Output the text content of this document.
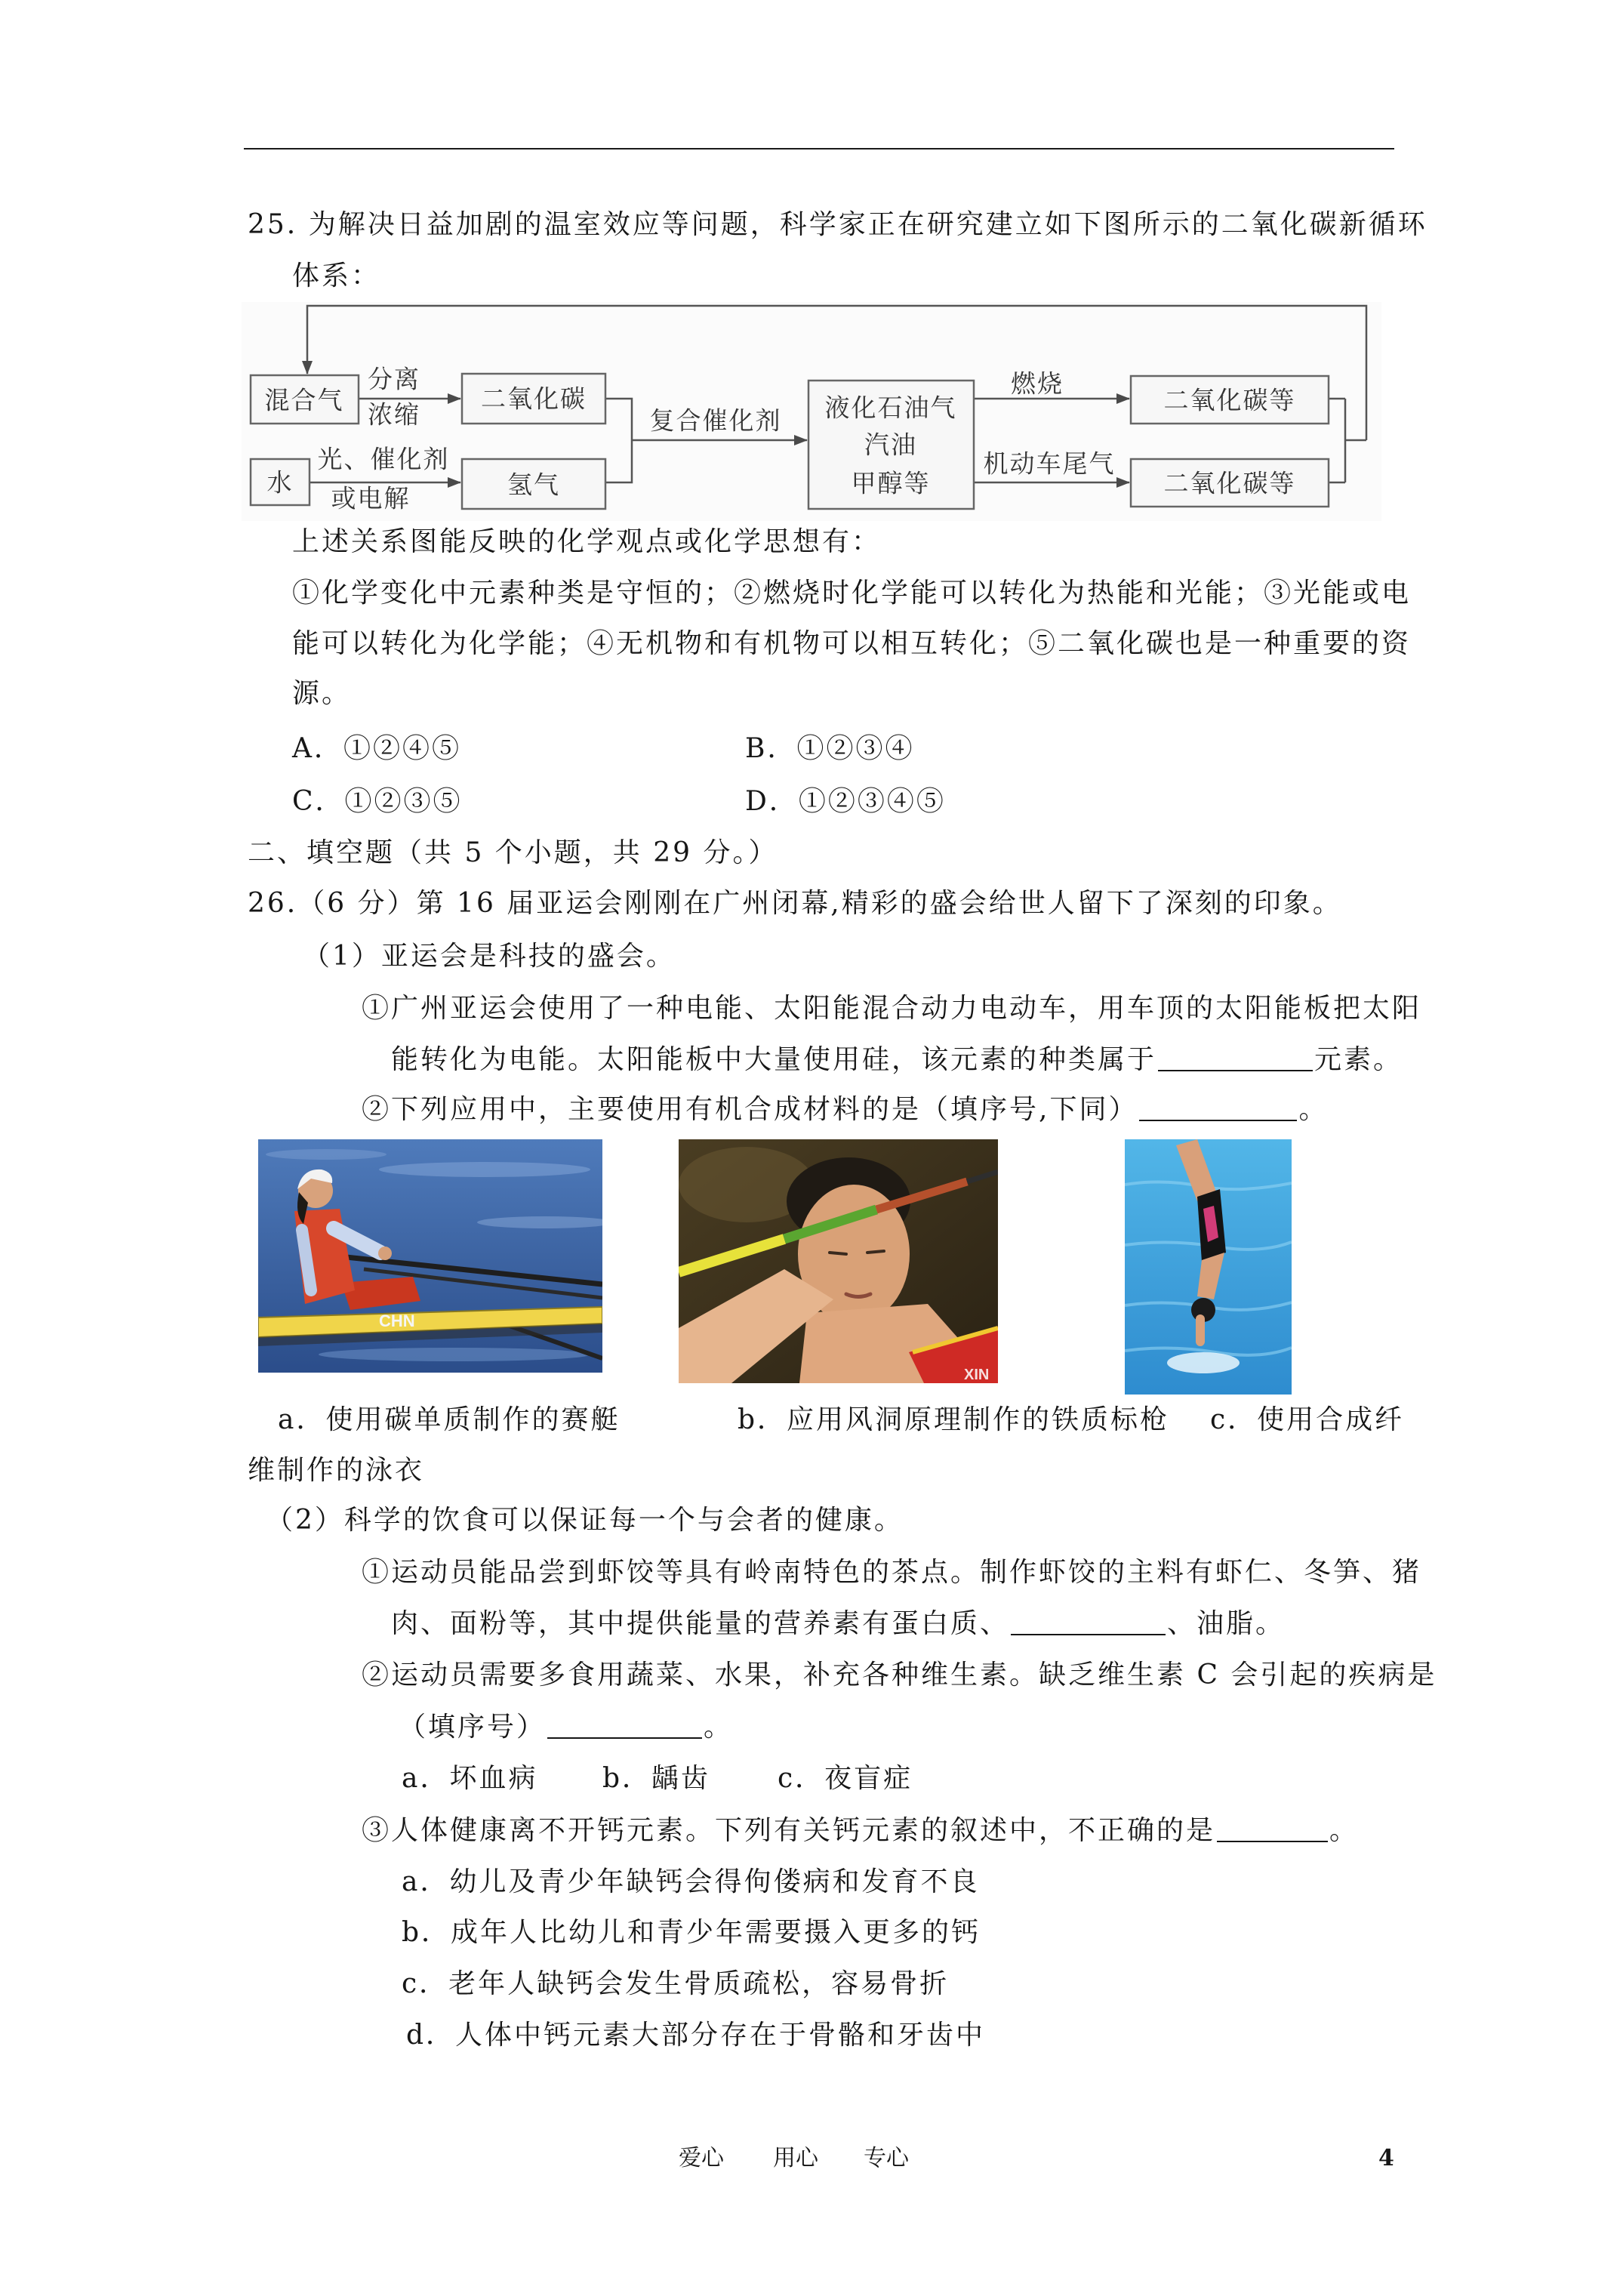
25. 为解决日益加剧的温室效应等问题，科学家正在研究建立如下图所示的二氧化碳新循环
体系：
混合气
水
二氧化碳
氢气
液化石油气
汽油
甲醇等
二氧化碳等
二氧化碳等
分离
浓缩
光、催化剂
或电解
复合催化剂
燃烧
机动车尾气
上述关系图能反映的化学观点或化学思想有：
①化学变化中元素种类是守恒的；②燃烧时化学能可以转化为热能和光能；③光能或电
能可以转化为化学能；④无机物和有机物可以相互转化；⑤二氧化碳也是一种重要的资
源。
A．①②④⑤	B．①②③④
C．①②③⑤	D．①②③④⑤
二、填空题（共 5 个小题，共 29 分。）
26.（6 分）第 16 届亚运会刚刚在广州闭幕,精彩的盛会给世人留下了深刻的印象。
（1）亚运会是科技的盛会。
①广州亚运会使用了一种电能、太阳能混合动力电动车，用车顶的太阳能板把太阳
能转化为电能。太阳能板中大量使用硅，该元素的种类属于	元素。
②下列应用中，主要使用有机合成材料的是（填序号,下同）	。
CHN
XIN
a．使用碳单质制作的赛艇	b．应用风洞原理制作的铁质标枪 c．使用合成纤
维制作的泳衣
（2）科学的饮食可以保证每一个与会者的健康。
①运动员能品尝到虾饺等具有岭南特色的茶点。制作虾饺的主料有虾仁、冬笋、猪
肉、面粉等，其中提供能量的营养素有蛋白质、	、油脂。
②运动员需要多食用蔬菜、水果，补充各种维生素。缺乏维生素 C 会引起的疾病是
（填序号）	。
a．坏血病 b．龋齿 c．夜盲症
③人体健康离不开钙元素。下列有关钙元素的叙述中，不正确的是	。
a．幼儿及青少年缺钙会得佝偻病和发育不良
b．成年人比幼儿和青少年需要摄入更多的钙
c．老年人缺钙会发生骨质疏松，容易骨折
d．人体中钙元素大部分存在于骨骼和牙齿中
爱心 用心 专心	4
